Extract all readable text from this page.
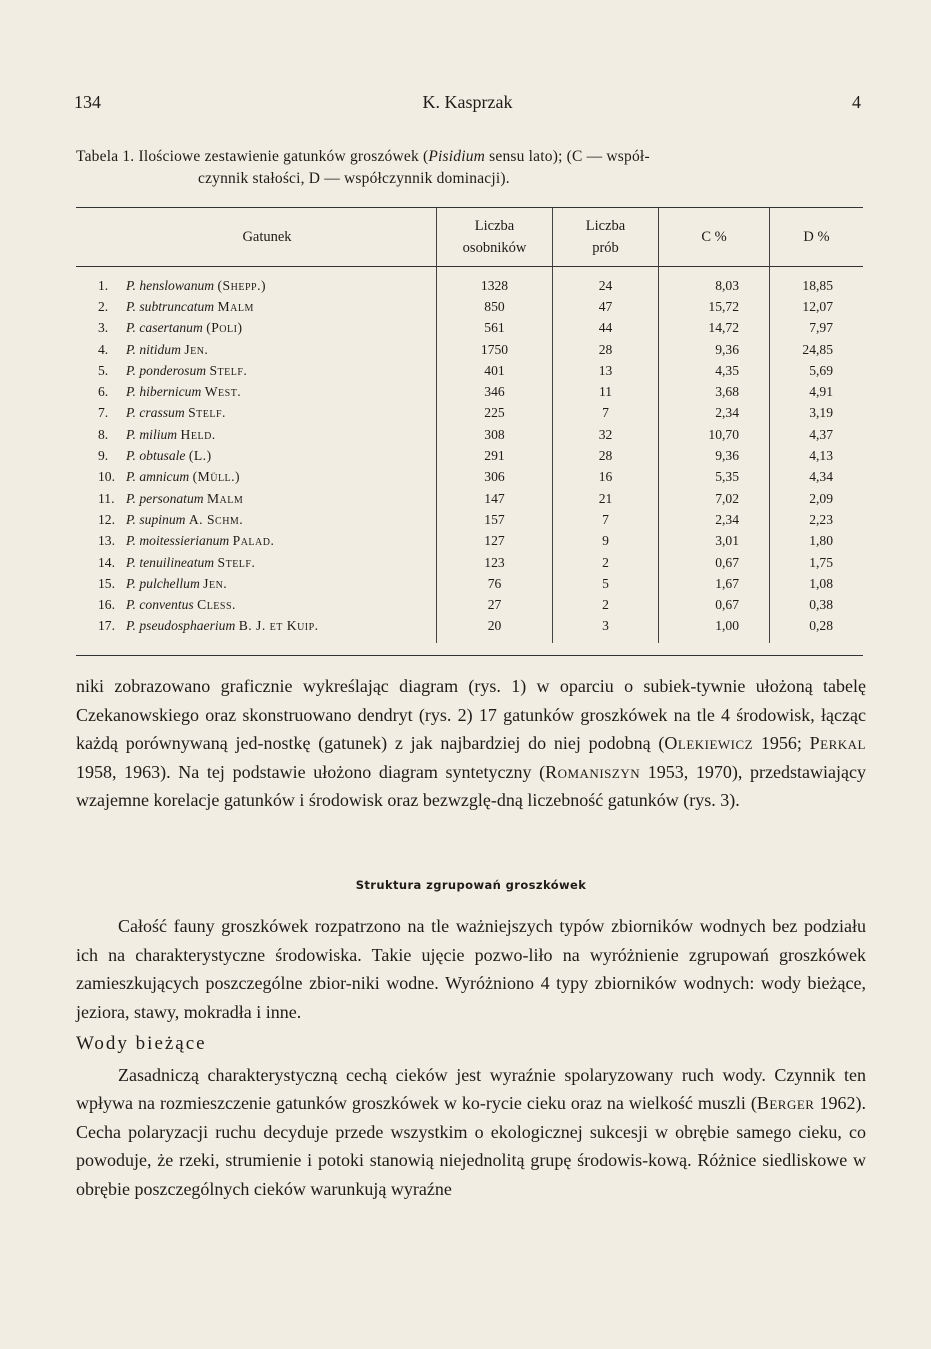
134	K. Kasprzak	4
Tabela 1. Ilościowe zestawienie gatunków groszówek (Pisidium sensu lato); (C — współ-
czynnik stałości, D — współczynnik dominacji).
Gatunek	Liczba osobników	Liczba prób	C %	D %
1. P. henslowanum (Shepp.)	1328	24	8,03	18,85
2. P. subtruncatum Malm	850	47	15,72	12,07
3. P. casertanum (Poli)	561	44	14,72	7,97
4. P. nitidum Jen.	1750	28	9,36	24,85
5. P. ponderosum Stelf.	401	13	4,35	5,69
6. P. hibernicum West.	346	11	3,68	4,91
7. P. crassum Stelf.	225	7	2,34	3,19
8. P. milium Held.	308	32	10,70	4,37
9. P. obtusale (L.)	291	28	9,36	4,13
10. P. amnicum (Müll.)	306	16	5,35	4,34
11. P. personatum Malm	147	21	7,02	2,09
12. P. supinum A. Schm.	157	7	2,34	2,23
13. P. moitessierianum Palad.	127	9	3,01	1,80
14. P. tenuilineatum Stelf.	123	2	0,67	1,75
15. P. pulchellum Jen.	76	5	1,67	1,08
16. P. conventus Cless.	27	2	0,67	0,38
17. P. pseudosphaerium B. J. et Kuip.	20	3	1,00	0,28

niki zobrazowano graficznie wykreślając diagram (rys. 1) w oparciu o subiek-tywnie ułożoną tabelę Czekanowskiego oraz skonstruowano dendryt (rys. 2) 17 gatunków groszkówek na tle 4 środowisk, łącząc każdą porównywaną jed-nostkę (gatunek) z jak najbardziej do niej podobną (Olekiewicz 1956; Perkal 1958, 1963). Na tej podstawie ułożono diagram syntetyczny (Romaniszyn 1953, 1970), przedstawiający wzajemne korelacje gatunków i środowisk oraz bezwzglę-dną liczebność gatunków (rys. 3).

Struktura zgrupowań groszkówek

Całość fauny groszkówek rozpatrzono na tle ważniejszych typów zbiorników wodnych bez podziału ich na charakterystyczne środowiska. Takie ujęcie pozwo-liło na wyróżnienie zgrupowań groszkówek zamieszkujących poszczególne zbior-niki wodne. Wyróżniono 4 typy zbiorników wodnych: wody bieżące, jeziora, stawy, mokradła i inne.

Wody bieżące

Zasadniczą charakterystyczną cechą cieków jest wyraźnie spolaryzowany ruch wody. Czynnik ten wpływa na rozmieszczenie gatunków groszkówek w ko-rycie cieku oraz na wielkość muszli (Berger 1962). Cecha polaryzacji ruchu decyduje przede wszystkim o ekologicznej sukcesji w obrębie samego cieku, co powoduje, że rzeki, strumienie i potoki stanowią niejednolitą grupę środowis-kową. Różnice siedliskowe w obrębie poszczególnych cieków warunkują wyraźne
